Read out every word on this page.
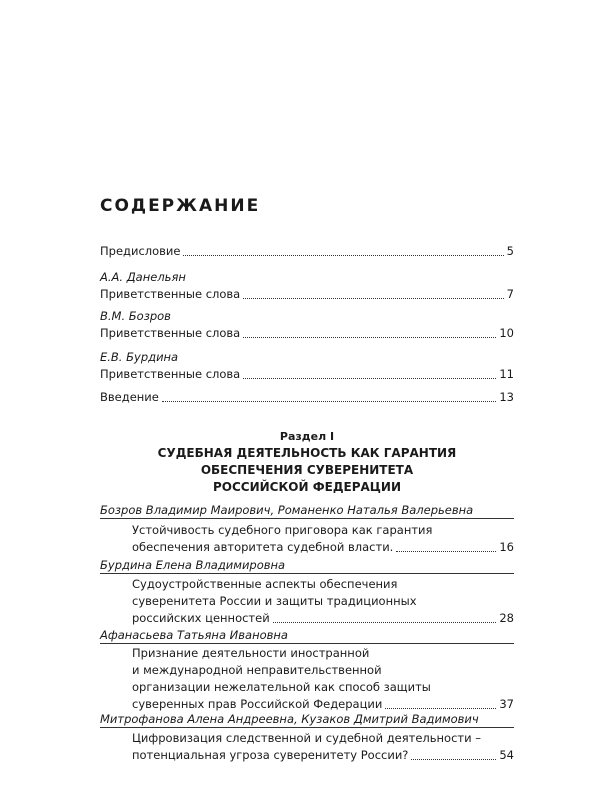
СОДЕРЖАНИЕ
Предисловие	5
А.А. Данельян
Приветственные слова	7
В.М. Бозров
Приветственные слова	10
Е.В. Бурдина
Приветственные слова	11
Введение	13
Раздел I
СУДЕБНАЯ ДЕЯТЕЛЬНОСТЬ КАК ГАРАНТИЯ
ОБЕСПЕЧЕНИЯ СУВЕРЕНИТЕТА
РОССИЙСКОЙ ФЕДЕРАЦИИ
Бозров Владимир Маирович, Романенко Наталья Валерьевна
Устойчивость судебного приговора как гарантия
обеспечения авторитета судебной власти.	16
Бурдина Елена Владимировна
Судоустройственные аспекты обеспечения
суверенитета России и защиты традиционных
российских ценностей	28
Афанасьева Татьяна Ивановна
Признание деятельности иностранной
и международной неправительственной
организации нежелательной как способ защиты
суверенных прав Российской Федерации	37
Митрофанова Алена Андреевна, Кузаков Дмитрий Вадимович
Цифровизация следственной и судебной деятельности –
потенциальная угроза суверенитету России?	54
